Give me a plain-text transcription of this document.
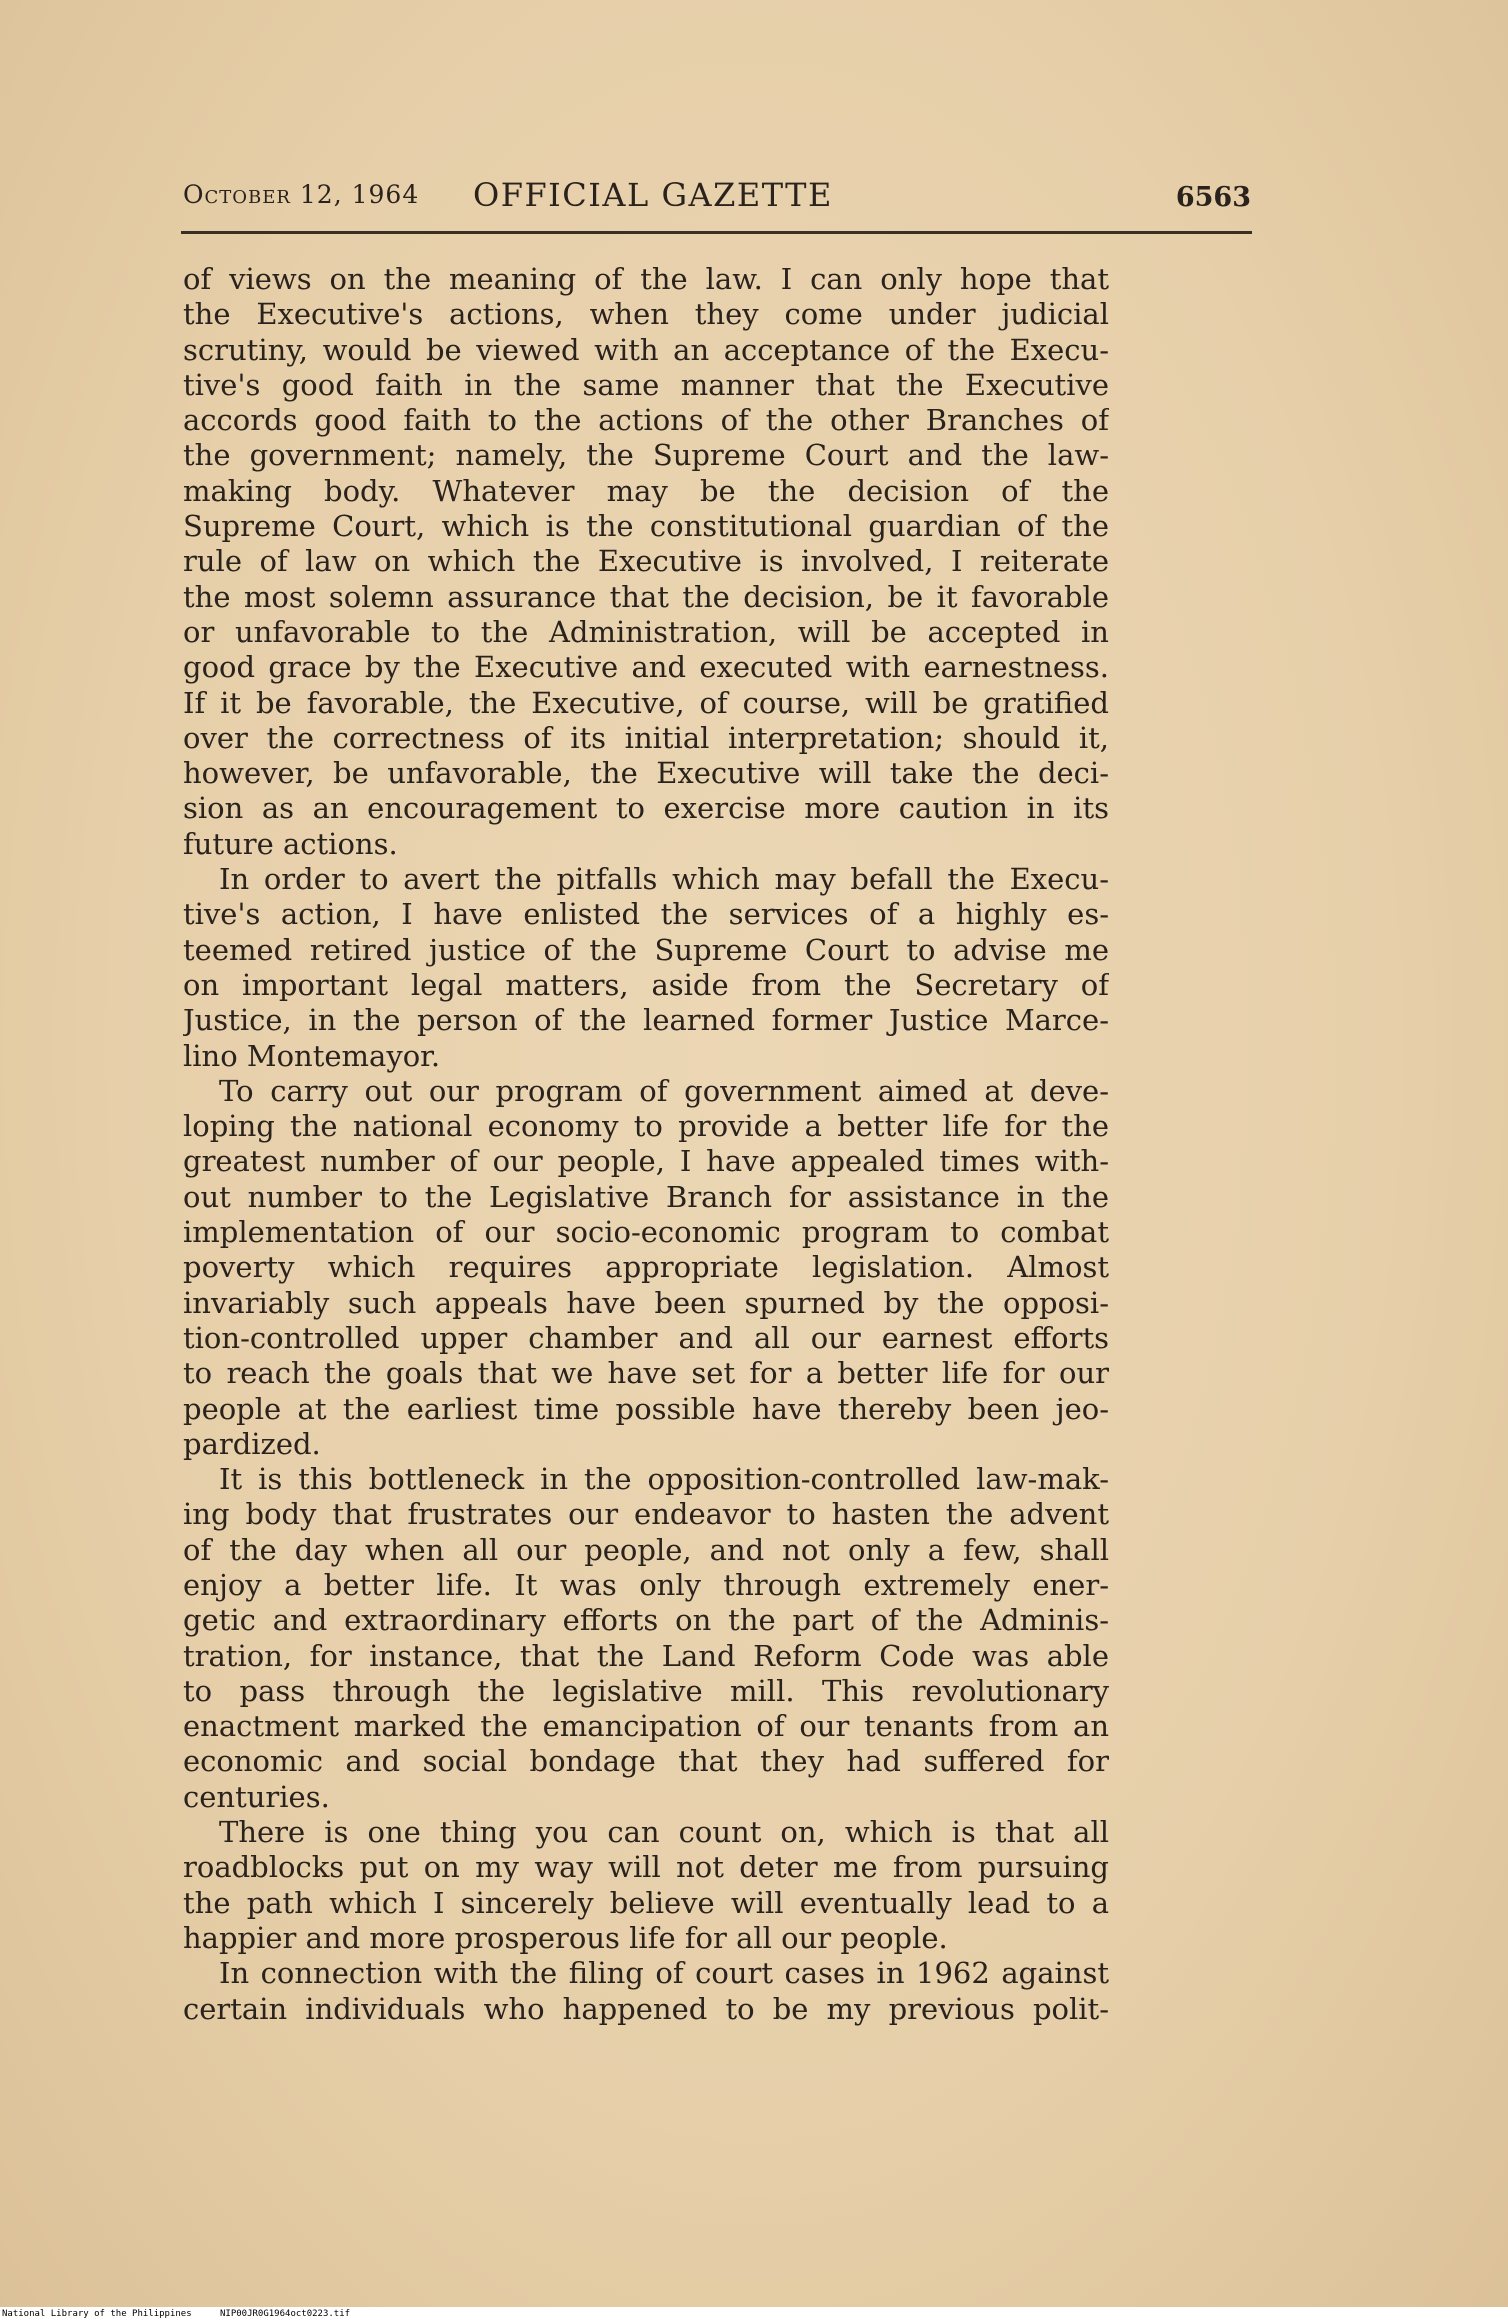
October 12, 1964 OFFICIAL GAZETTE	6563
of views on the meaning of the law. I can only hope that
the Executive's actions, when they come under judicial
scrutiny, would be viewed with an acceptance of the Execu-
tive's good faith in the same manner that the Executive
accords good faith to the actions of the other Branches of
the government; namely, the Supreme Court and the law-
making body. Whatever may be the decision of the
Supreme Court, which is the constitutional guardian of the
rule of law on which the Executive is involved, I reiterate
the most solemn assurance that the decision, be it favorable
or unfavorable to the Administration, will be accepted in
good grace by the Executive and executed with earnestness.
If it be favorable, the Executive, of course, will be gratified
over the correctness of its initial interpretation; should it,
however, be unfavorable, the Executive will take the deci-
sion as an encouragement to exercise more caution in its
future actions.
In order to avert the pitfalls which may befall the Execu-
tive's action, I have enlisted the services of a highly es-
teemed retired justice of the Supreme Court to advise me
on important legal matters, aside from the Secretary of
Justice, in the person of the learned former Justice Marce-
lino Montemayor.
To carry out our program of government aimed at deve-
loping the national economy to provide a better life for the
greatest number of our people, I have appealed times with-
out number to the Legislative Branch for assistance in the
implementation of our socio-economic program to combat
poverty which requires appropriate legislation. Almost
invariably such appeals have been spurned by the opposi-
tion-controlled upper chamber and all our earnest efforts
to reach the goals that we have set for a better life for our
people at the earliest time possible have thereby been jeo-
pardized.
It is this bottleneck in the opposition-controlled law-mak-
ing body that frustrates our endeavor to hasten the advent
of the day when all our people, and not only a few, shall
enjoy a better life. It was only through extremely ener-
getic and extraordinary efforts on the part of the Adminis-
tration, for instance, that the Land Reform Code was able
to pass through the legislative mill. This revolutionary
enactment marked the emancipation of our tenants from an
economic and social bondage that they had suffered for
centuries.
There is one thing you can count on, which is that all
roadblocks put on my way will not deter me from pursuing
the path which I sincerely believe will eventually lead to a
happier and more prosperous life for all our people.
In connection with the filing of court cases in 1962 against
certain individuals who happened to be my previous polit-
National Library of the Philippines	NIP00JR0G1964oct0223.tif
